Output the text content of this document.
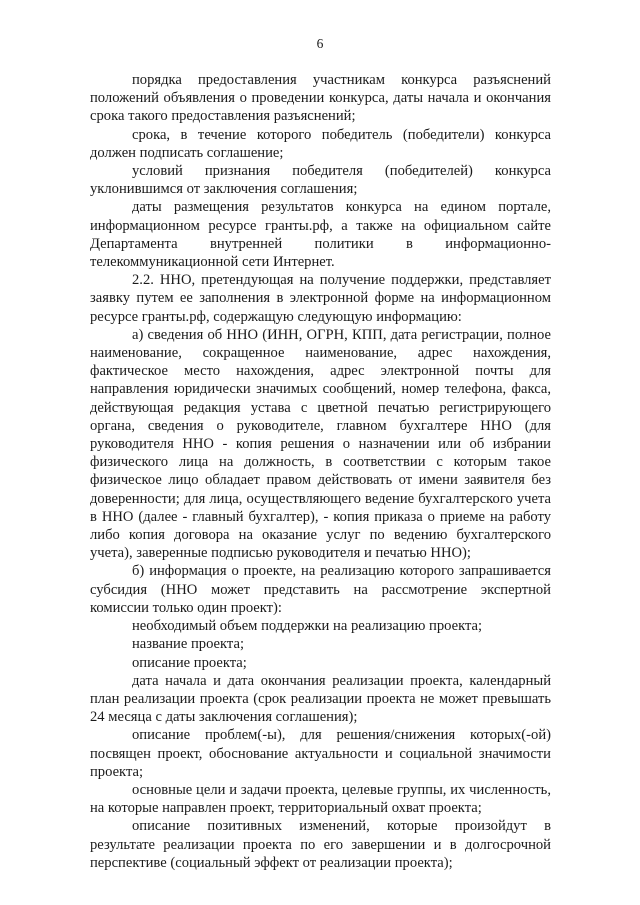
6

порядка предоставления участникам конкурса разъяснений положений объявления о проведении конкурса, даты начала и окончания срока такого предоставления разъяснений;

срока, в течение которого победитель (победители) конкурса должен подписать соглашение;

условий признания победителя (победителей) конкурса уклонившимся от заключения соглашения;

даты размещения результатов конкурса на едином портале, информационном ресурсе гранты.рф, а также на официальном сайте Департамента внутренней политики в информационно-телекоммуникационной сети Интернет.

2.2. ННО, претендующая на получение поддержки, представляет заявку путем ее заполнения в электронной форме на информационном ресурсе гранты.рф, содержащую следующую информацию:

а) сведения об ННО (ИНН, ОГРН, КПП, дата регистрации, полное наименование, сокращенное наименование, адрес нахождения, фактическое место нахождения, адрес электронной почты для направления юридически значимых сообщений, номер телефона, факса, действующая редакция устава с цветной печатью регистрирующего органа, сведения о руководителе, главном бухгалтере ННО (для руководителя ННО - копия решения о назначении или об избрании физического лица на должность, в соответствии с которым такое физическое лицо обладает правом действовать от имени заявителя без доверенности; для лица, осуществляющего ведение бухгалтерского учета в ННО (далее - главный бухгалтер), - копия приказа о приеме на работу либо копия договора на оказание услуг по ведению бухгалтерского учета), заверенные подписью руководителя и печатью ННО);

б) информация о проекте, на реализацию которого запрашивается субсидия (ННО может представить на рассмотрение экспертной комиссии только один проект):

необходимый объем поддержки на реализацию проекта;

название проекта;

описание проекта;

дата начала и дата окончания реализации проекта, календарный план реализации проекта (срок реализации проекта не может превышать 24 месяца с даты заключения соглашения);

описание проблем(-ы), для решения/снижения которых(-ой) посвящен проект, обоснование актуальности и социальной значимости проекта;

основные цели и задачи проекта, целевые группы, их численность, на которые направлен проект, территориальный охват проекта;

описание позитивных изменений, которые произойдут в результате реализации проекта по его завершении и в долгосрочной перспективе (социальный эффект от реализации проекта);
